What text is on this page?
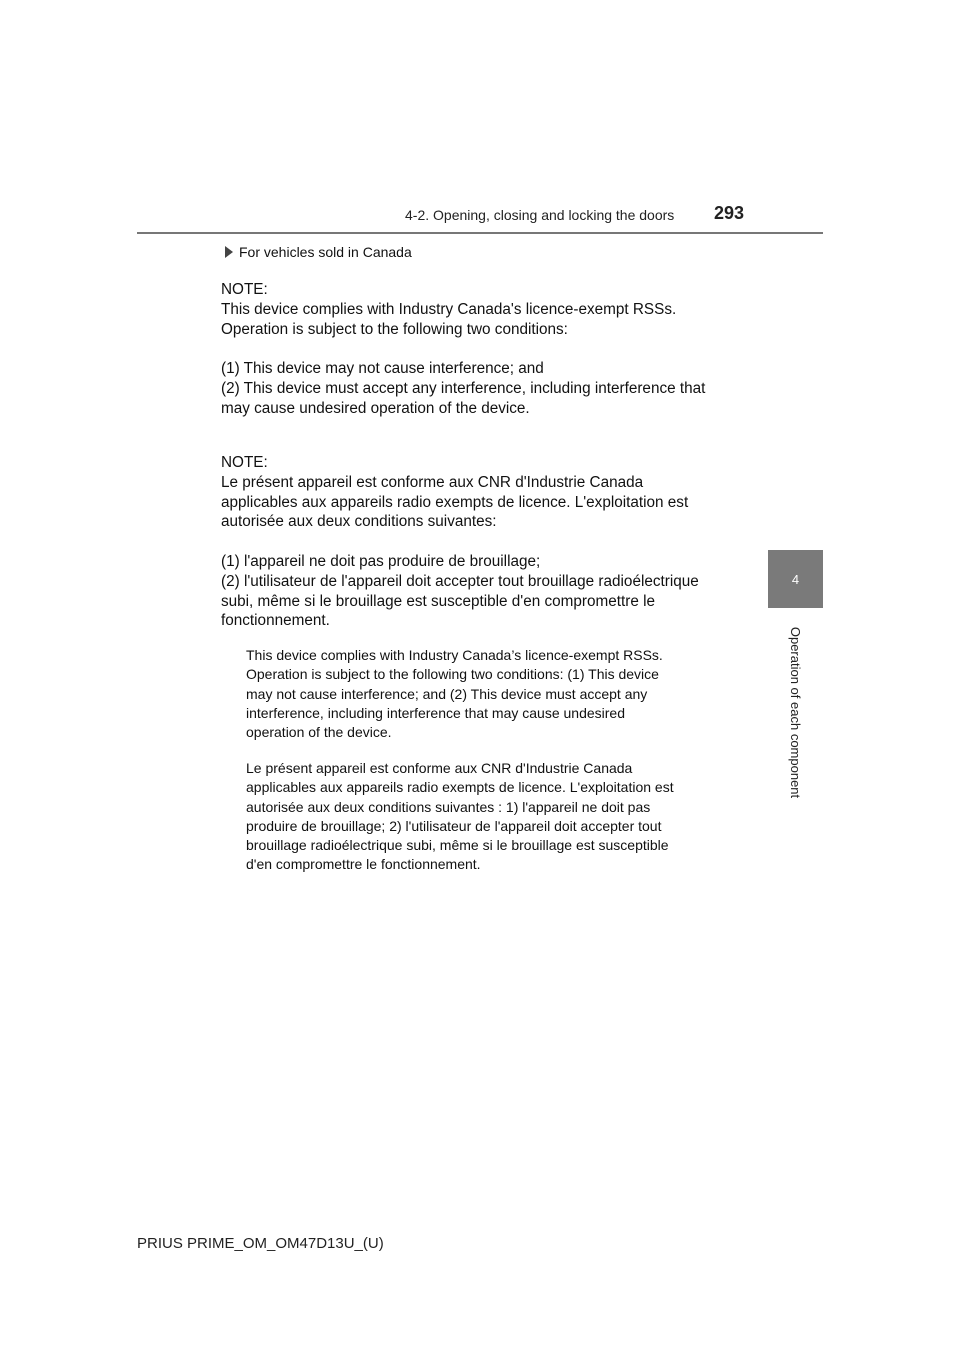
4-2. Opening, closing and locking the doors 293
4
Operation of each component
For vehicles sold in Canada

NOTE:

This device complies with Industry Canada's licence-exempt RSSs.

Operation is subject to the following two conditions:

(1) This device may not cause interference; and

(2) This device must accept any interference, including interference that

may cause undesired operation of the device.

NOTE:

Le présent appareil est conforme aux CNR d'Industrie Canada

applicables aux appareils radio exempts de licence. L'exploitation est

autorisée aux deux conditions suivantes:

(1) l'appareil ne doit pas produire de brouillage;

(2) l'utilisateur de l'appareil doit accepter tout brouillage radioélectrique

subi, même si le brouillage est susceptible d'en compromettre le

fonctionnement.

This device complies with Industry Canada’s licence-exempt RSSs.

Operation is subject to the following two conditions: (1) This device

may not cause interference; and (2) This device must accept any

interference, including interference that may cause undesired

operation of the device.

Le présent appareil est conforme aux CNR d'Industrie Canada

applicables aux appareils radio exempts de licence. L'exploitation est

autorisée aux deux conditions suivantes : 1) l'appareil ne doit pas

produire de brouillage; 2) l'utilisateur de l'appareil doit accepter tout

brouillage radioélectrique subi, même si le brouillage est susceptible

d'en compromettre le fonctionnement.

PRIUS PRIME_OM_OM47D13U_(U)
